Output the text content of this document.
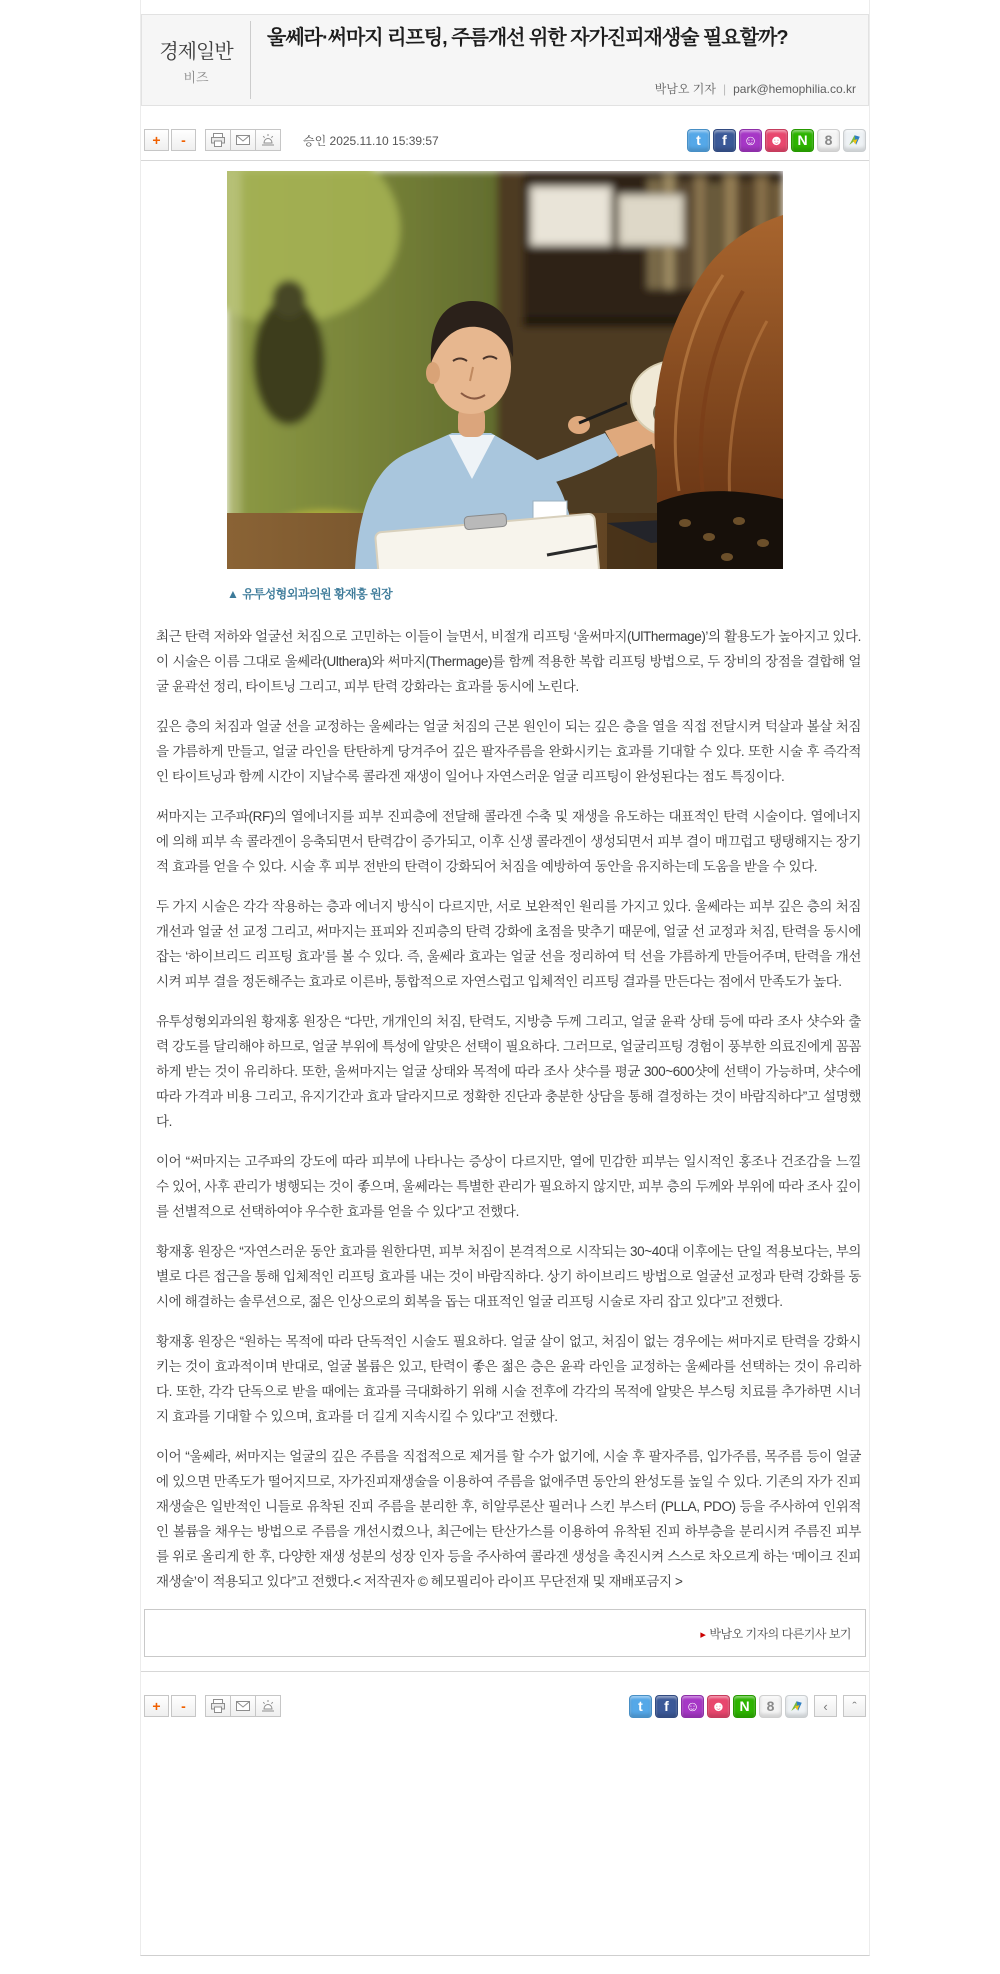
경제일반
비즈
울쎄라·써마지 리프팅, 주름개선 위한 자가진피재생술 필요할까?
박남오 기자 | park@hemophilia.co.kr
+	-	승인 2025.11.10 15:39:57	t	f	☺ ☻ N	8
▲ 유투성형외과의원 황재홍 원장

최근 탄력 저하와 얼굴선 처짐으로 고민하는 이들이 늘면서, 비절개 리프팅 ‘울써마지(UlThermage)’의 활용도가 높아지고 있다. 이 시술은 이름 그대로 울쎄라(Ulthera)와 써마지(Thermage)를 함께 적용한 복합 리프팅 방법으로, 두 장비의 장점을 결합해 얼굴 윤곽선 정리, 타이트닝 그리고, 피부 탄력 강화라는 효과를 동시에 노린다.

깊은 층의 처짐과 얼굴 선을 교정하는 울쎄라는 얼굴 처짐의 근본 원인이 되는 깊은 층을 열을 직접 전달시켜 턱살과 볼살 처짐을 갸름하게 만들고, 얼굴 라인을 탄탄하게 당겨주어 깊은 팔자주름을 완화시키는 효과를 기대할 수 있다. 또한 시술 후 즉각적인 타이트닝과 함께 시간이 지날수록 콜라겐 재생이 일어나 자연스러운 얼굴 리프팅이 완성된다는 점도 특징이다.

써마지는 고주파(RF)의 열에너지를 피부 진피층에 전달해 콜라겐 수축 및 재생을 유도하는 대표적인 탄력 시술이다. 열에너지에 의해 피부 속 콜라겐이 응축되면서 탄력감이 증가되고, 이후 신생 콜라겐이 생성되면서 피부 결이 매끄럽고 탱탱해지는 장기적 효과를 얻을 수 있다. 시술 후 피부 전반의 탄력이 강화되어 처짐을 예방하여 동안을 유지하는데 도움을 받을 수 있다.

두 가지 시술은 각각 작용하는 층과 에너지 방식이 다르지만, 서로 보완적인 원리를 가지고 있다. 울쎄라는 피부 깊은 층의 처짐 개선과 얼굴 선 교정 그리고, 써마지는 표피와 진피층의 탄력 강화에 초점을 맞추기 때문에, 얼굴 선 교정과 처짐, 탄력을 동시에 잡는 ‘하이브리드 리프팅 효과’를 볼 수 있다. 즉, 울쎄라 효과는 얼굴 선을 정리하여 턱 선을 갸름하게 만들어주며, 탄력을 개선시켜 피부 결을 정돈해주는 효과로 이른바, 통합적으로 자연스럽고 입체적인 리프팅 결과를 만든다는 점에서 만족도가 높다.

유투성형외과의원 황재홍 원장은 “다만, 개개인의 처짐, 탄력도, 지방층 두께 그리고, 얼굴 윤곽 상태 등에 따라 조사 샷수와 출력 강도를 달리해야 하므로, 얼굴 부위에 특성에 알맞은 선택이 필요하다. 그러므로, 얼굴리프팅 경험이 풍부한 의료진에게 꼼꼼하게 받는 것이 유리하다. 또한, 울써마지는 얼굴 상태와 목적에 따라 조사 샷수를 평균 300~600샷에 선택이 가능하며, 샷수에 따라 가격과 비용 그리고, 유지기간과 효과 달라지므로 정확한 진단과 충분한 상담을 통해 결정하는 것이 바람직하다”고 설명했다.

이어 “써마지는 고주파의 강도에 따라 피부에 나타나는 증상이 다르지만, 열에 민감한 피부는 일시적인 홍조나 건조감을 느낄 수 있어, 사후 관리가 병행되는 것이 좋으며, 울쎄라는 특별한 관리가 필요하지 않지만, 피부 층의 두께와 부위에 따라 조사 깊이를 선별적으로 선택하여야 우수한 효과를 얻을 수 있다”고 전했다.

황재홍 원장은 “자연스러운 동안 효과를 원한다면, 피부 처짐이 본격적으로 시작되는 30~40대 이후에는 단일 적용보다는, 부의 별로 다른 접근을 통해 입체적인 리프팅 효과를 내는 것이 바람직하다. 상기 하이브리드 방법으로 얼굴선 교정과 탄력 강화를 동시에 해결하는 솔루션으로, 젊은 인상으로의 회복을 돕는 대표적인 얼굴 리프팅 시술로 자리 잡고 있다”고 전했다.

황재홍 원장은 “원하는 목적에 따라 단독적인 시술도 필요하다. 얼굴 살이 없고, 처짐이 없는 경우에는 써마지로 탄력을 강화시키는 것이 효과적이며 반대로, 얼굴 볼륨은 있고, 탄력이 좋은 젊은 층은 윤곽 라인을 교정하는 울쎄라를 선택하는 것이 유리하다. 또한, 각각 단독으로 받을 때에는 효과를 극대화하기 위해 시술 전후에 각각의 목적에 알맞은 부스팅 치료를 추가하면 시너지 효과를 기대할 수 있으며, 효과를 더 길게 지속시킬 수 있다”고 전했다.

이어 “울쎄라, 써마지는 얼굴의 깊은 주름을 직접적으로 제거를 할 수가 없기에, 시술 후 팔자주름, 입가주름, 목주름 등이 얼굴에 있으면 만족도가 떨어지므로, 자가진피재생술을 이용하여 주름을 없애주면 동안의 완성도를 높일 수 있다. 기존의 자가 진피재생술은 일반적인 니들로 유착된 진피 주름을 분리한 후, 히알루론산 필러나 스킨 부스터 (PLLA, PDO) 등을 주사하여 인위적인 볼륨을 채우는 방법으로 주름을 개선시켰으나, 최근에는 탄산가스를 이용하여 유착된 진피 하부층을 분리시켜 주름진 피부를 위로 올리게 한 후, 다양한 재생 성분의 성장 인자 등을 주사하여 콜라겐 생성을 촉진시켜 스스로 차오르게 하는 ‘메이크 진피재생술’이 적용되고 있다”고 전했다.< 저작권자 © 헤모필리아 라이프 무단전재 및 재배포금지 >

▸ 박남오 기자의 다른기사 보기
+	-	t	f	☺ ☻ N	8	‹	ˆ
